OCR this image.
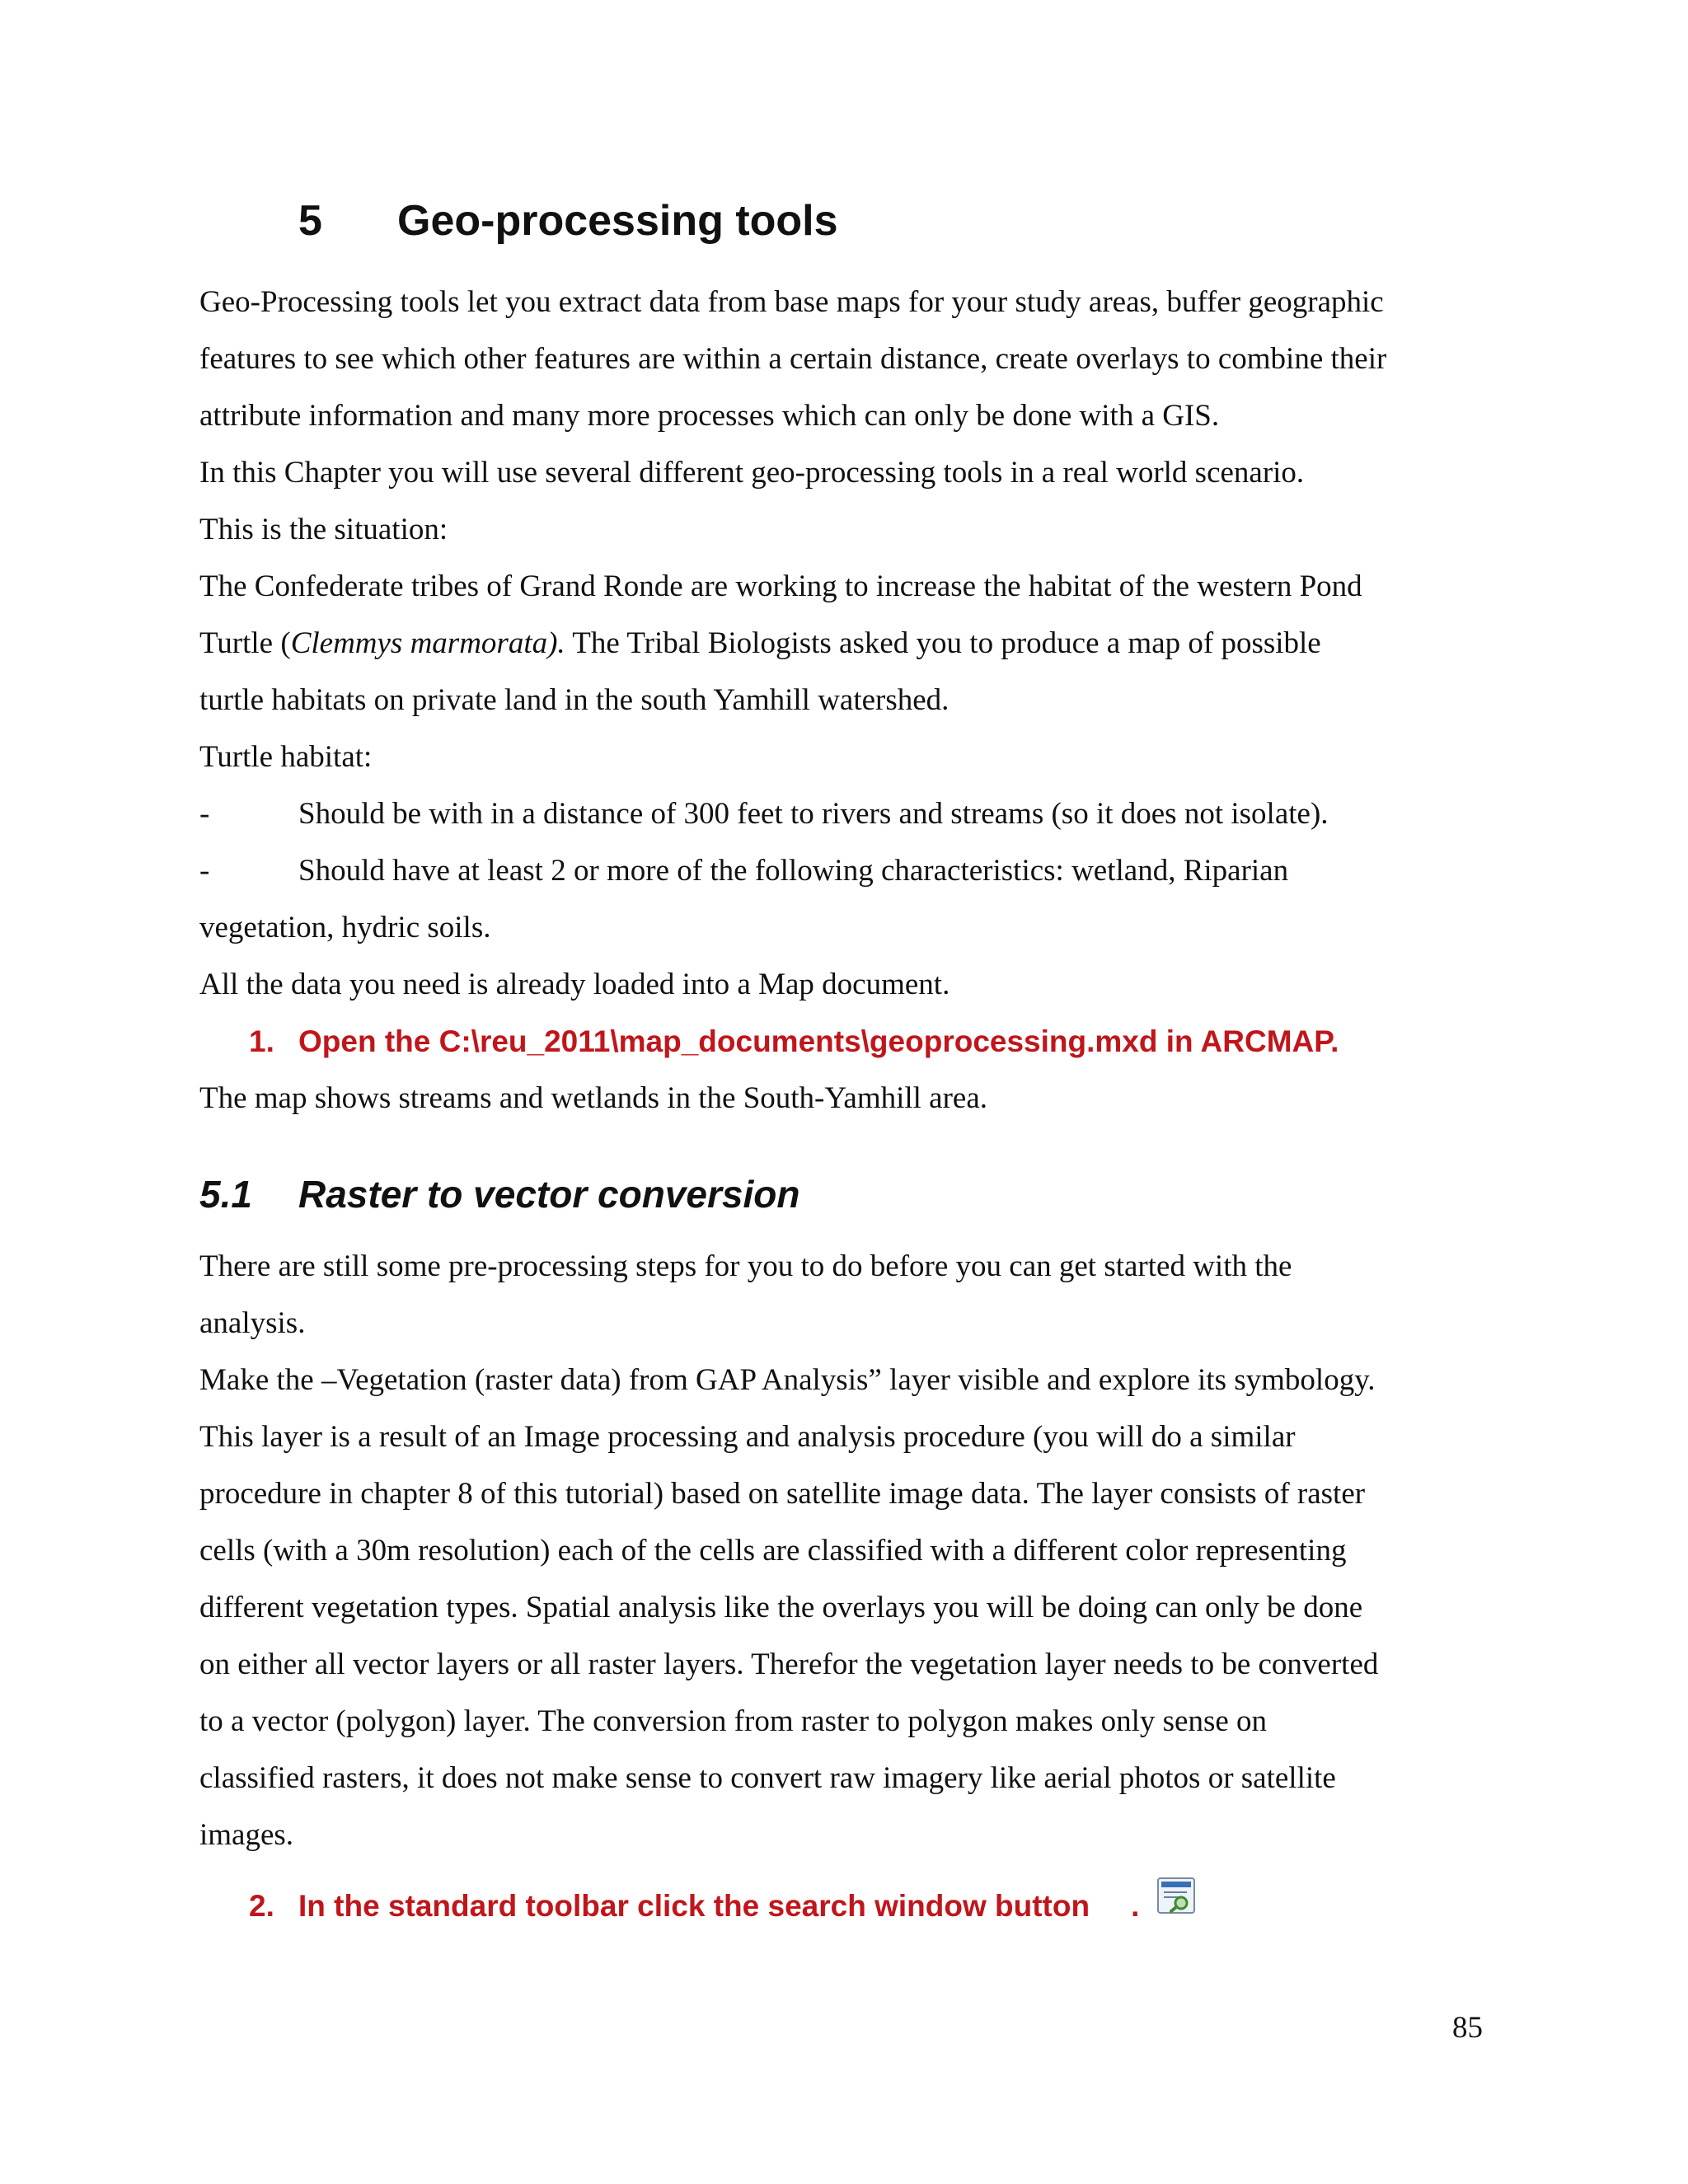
5 Geo-processing tools
Geo-Processing tools let you extract data from base maps for your study areas, buffer geographic
features to see which other features are within a certain distance, create overlays to combine their
attribute information and many more processes which can only be done with a GIS.
In this Chapter you will use several different geo-processing tools in a real world scenario.
This is the situation:
The Confederate tribes of Grand Ronde are working to increase the habitat of the western Pond
Turtle (Clemmys marmorata). The Tribal Biologists asked you to produce a map of possible
turtle habitats on private land in the south Yamhill watershed.
Turtle habitat:
-	Should be with in a distance of 300 feet to rivers and streams (so it does not isolate).
-	Should have at least 2 or more of the following characteristics: wetland, Riparian
vegetation, hydric soils.
All the data you need is already loaded into a Map document.
1. Open the C:\reu_2011\map_documents\geoprocessing.mxd in ARCMAP.
The map shows streams and wetlands in the South-Yamhill area.
5.1 Raster to vector conversion
There are still some pre-processing steps for you to do before you can get started with the
analysis.
Make the –Vegetation (raster data) from GAP Analysis” layer visible and explore its symbology.
This layer is a result of an Image processing and analysis procedure (you will do a similar
procedure in chapter 8 of this tutorial) based on satellite image data. The layer consists of raster
cells (with a 30m resolution) each of the cells are classified with a different color representing
different vegetation types. Spatial analysis like the overlays you will be doing can only be done
on either all vector layers or all raster layers. Therefor the vegetation layer needs to be converted
to a vector (polygon) layer. The conversion from raster to polygon makes only sense on
classified rasters, it does not make sense to convert raw imagery like aerial photos or satellite
images.
2. In the standard toolbar click the search window button .
85
